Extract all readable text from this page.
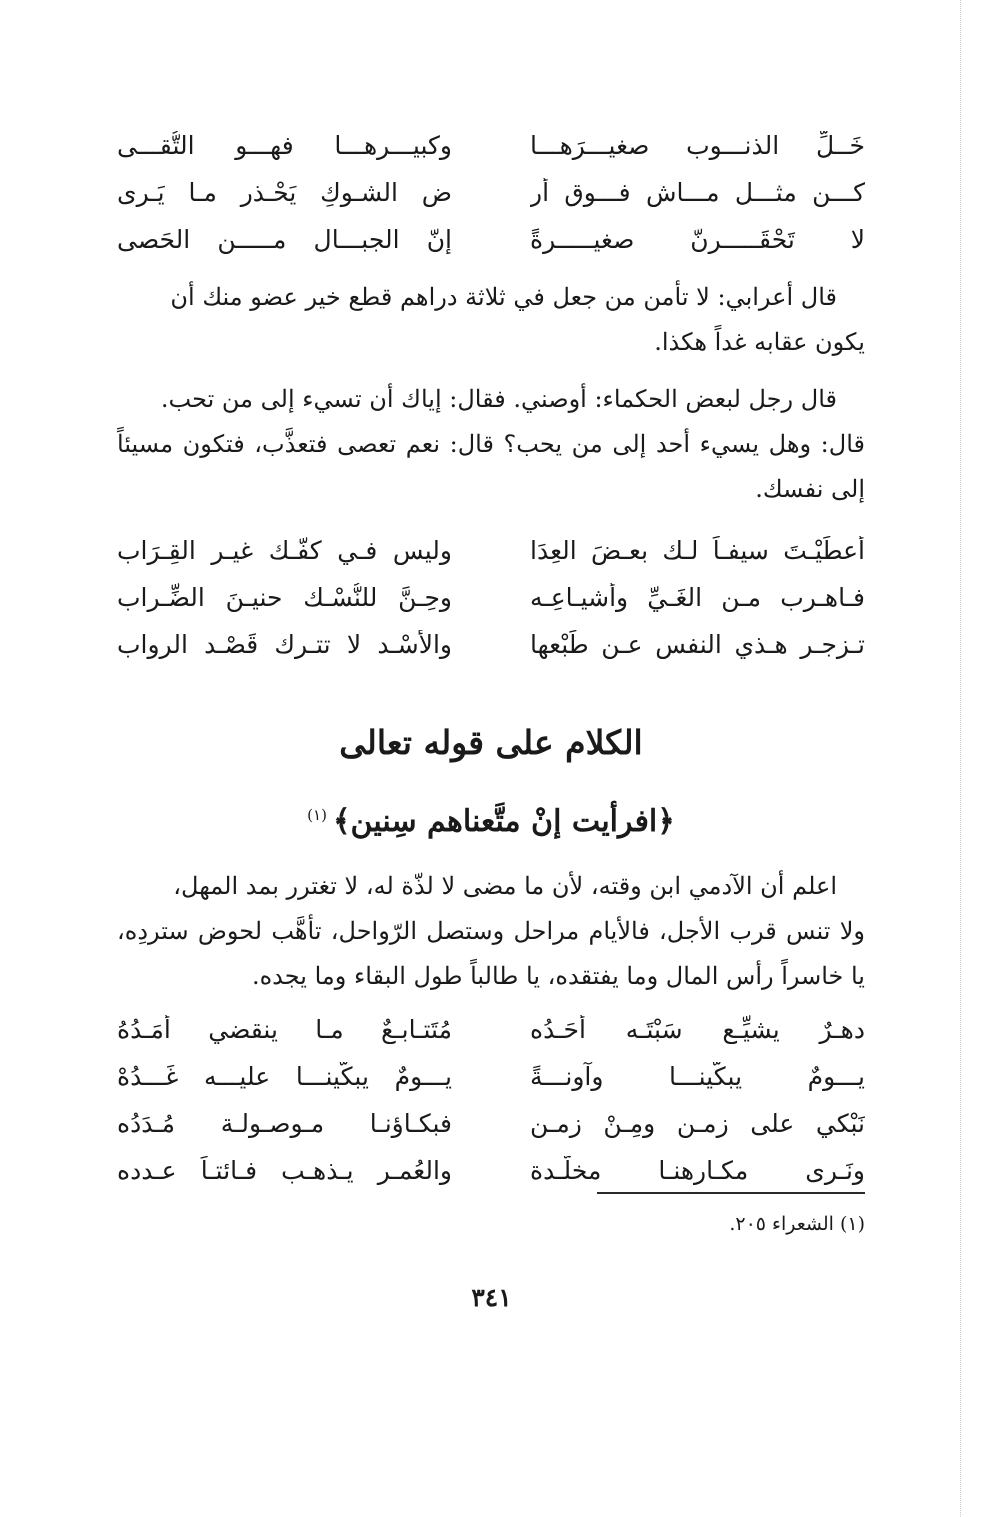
خَــلِّ الذنـــوب صغيـــرَهـــا
وكبيـــرهـــا فهـــو التُّقـــى
كـــن مثـــل مـــاش فـــوق أر
ض الشـوكِ يَحْـذر مـا يَـرى
لا تَحْقَـــــرنّ صغيـــــرةً
إنّ الجبـــال مـــــن الحَصى
قال أعرابي: لا تأمن من جعل في ثلاثة دراهم قطع خير عضو منك أن
يكون عقابه غداً هكذا.
قال رجل لبعض الحكماء: أوصني. فقال: إياك أن تسيء إلى من تحب.
قال: وهل يسيء أحد إلى من يحب؟ قال: نعم تعصى فتعذَّب، فتكون مسيئاً إلى نفسك.
أَعطَيْـتَ سيفـاً لـك بعـضَ العِدَا
وليس فـي كفّـك غيـر القِـرَاب
فـاهـرب مـن الغَـيِّ وأشيـاعِـه
وحِـنَّ للنُّسْـك حنيـنَ الضِّـراب
تـزجـر هـذي النفس عـن طَبْعها
والأُسْـد لا تتـرك قَصْـد الرواب
الكلام على قوله تعالى
﴿افرأيت إنْ متَّعناهم سِنين﴾$^{(١)}$
اعلم أن الآدمي ابن وقته، لأن ما مضى لا لذّة له، لا تغترر بمد المهل،
ولا تنس قرب الأجل، فالأيام مراحل وستصل الرّواحل، تأهَّب لحوض ستردِه، يا خاسراً رأس المال وما يفتقده، يا طالباً طول البقاء وما يجده.
دهـرٌ يشيِّـع سَبْتَـه أحَـدُه
مُتَتـابـعٌ مـا ينقضي أمَـدُهُ
يـــومٌ يبكّينـــا وآونـــةً
يـــومٌ يبكّينـــا عليـــه غَـــدُهْ
نَبْكي على زمـنٍ ومِـنْ زمـن
فبكـاؤنـا مـوصـولـة مُـدَدُه
ونَـرى مكـارهنـا مخلّـدة
والعُمـر يـذهـب فـائتـاً عـدده
(١) الشعراء ٢٠٥.
٣٤١
